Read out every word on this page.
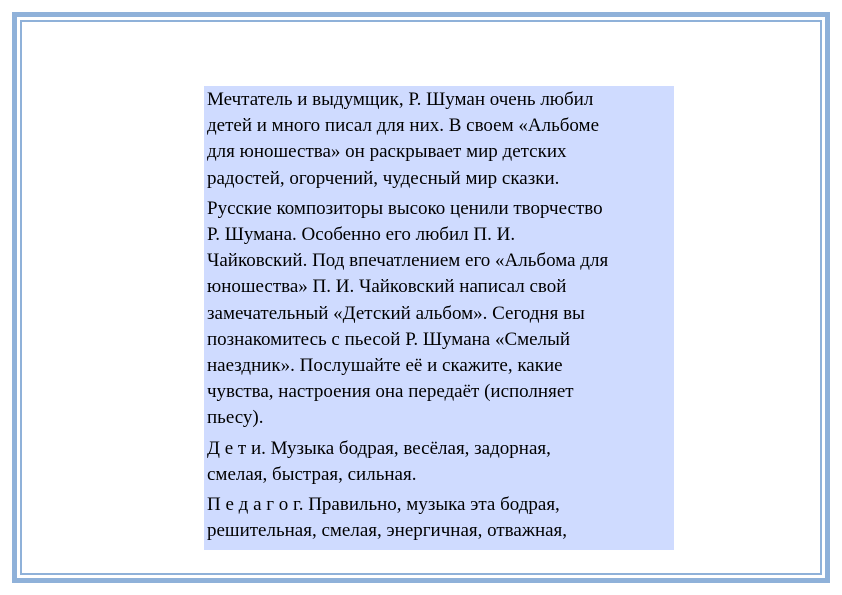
Мечтатель и выдумщик, Р. Шуман очень любил
детей и много писал для них. В своем «Альбоме
для юношества» он раскрывает мир детских
радостей, огорчений, чудесный мир сказки.

Русские композиторы высоко ценили творчество
Р. Шумана. Особенно его любил П. И.
Чайковский. Под впечатлением его «Альбома для
юношества» П. И. Чайковский написал свой
замечательный «Детский альбом». Сегодня вы
познакомитесь с пьесой Р. Шумана «Смелый
наездник». Послушайте её и скажите, какие
чувства, настроения она передаёт (исполняет
пьесу).

Д е т и. Музыка бодрая, весёлая, задорная,
смелая, быстрая, сильная.

П е д а г о г. Правильно, музыка эта бодрая,
решительная, смелая, энергичная, отважная,
